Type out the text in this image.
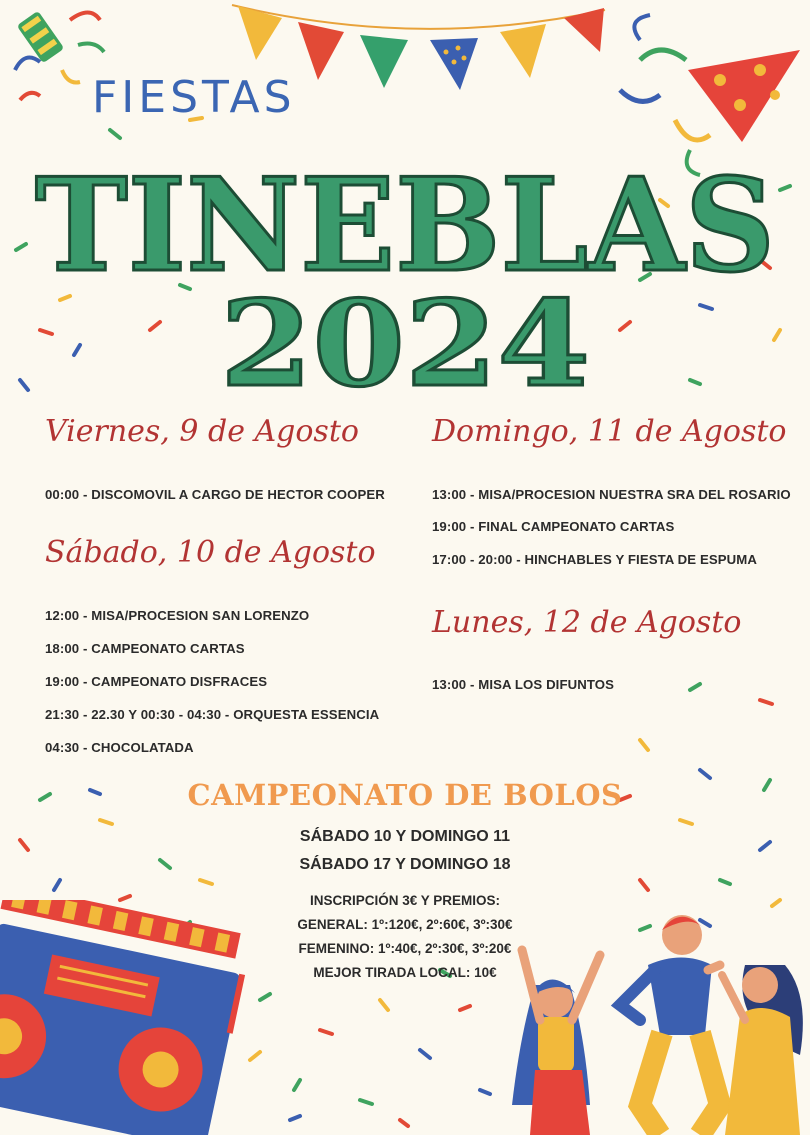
FIESTAS
TINEBLAS
2024
Viernes, 9 de Agosto
00:00 - DISCOMOVIL A CARGO DE HECTOR COOPER
Sábado, 10 de Agosto
12:00 - MISA/PROCESION SAN LORENZO
18:00 - CAMPEONATO CARTAS
19:00 - CAMPEONATO DISFRACES
21:30 - 22.30 Y 00:30 - 04:30 - ORQUESTA ESSENCIA
04:30 - CHOCOLATADA
Domingo, 11 de Agosto
13:00 - MISA/PROCESION NUESTRA SRA DEL ROSARIO
19:00 - FINAL CAMPEONATO CARTAS
17:00 - 20:00 - HINCHABLES Y FIESTA DE ESPUMA
Lunes, 12 de Agosto
13:00 - MISA LOS DIFUNTOS
CAMPEONATO DE BOLOS
SÁBADO 10 Y DOMINGO 11
SÁBADO 17 Y DOMINGO 18
INSCRIPCIÓN 3€ Y PREMIOS:
GENERAL: 1º:120€, 2º:60€, 3º:30€
FEMENINO: 1º:40€, 2º:30€, 3º:20€
MEJOR TIRADA LOCAL: 10€
